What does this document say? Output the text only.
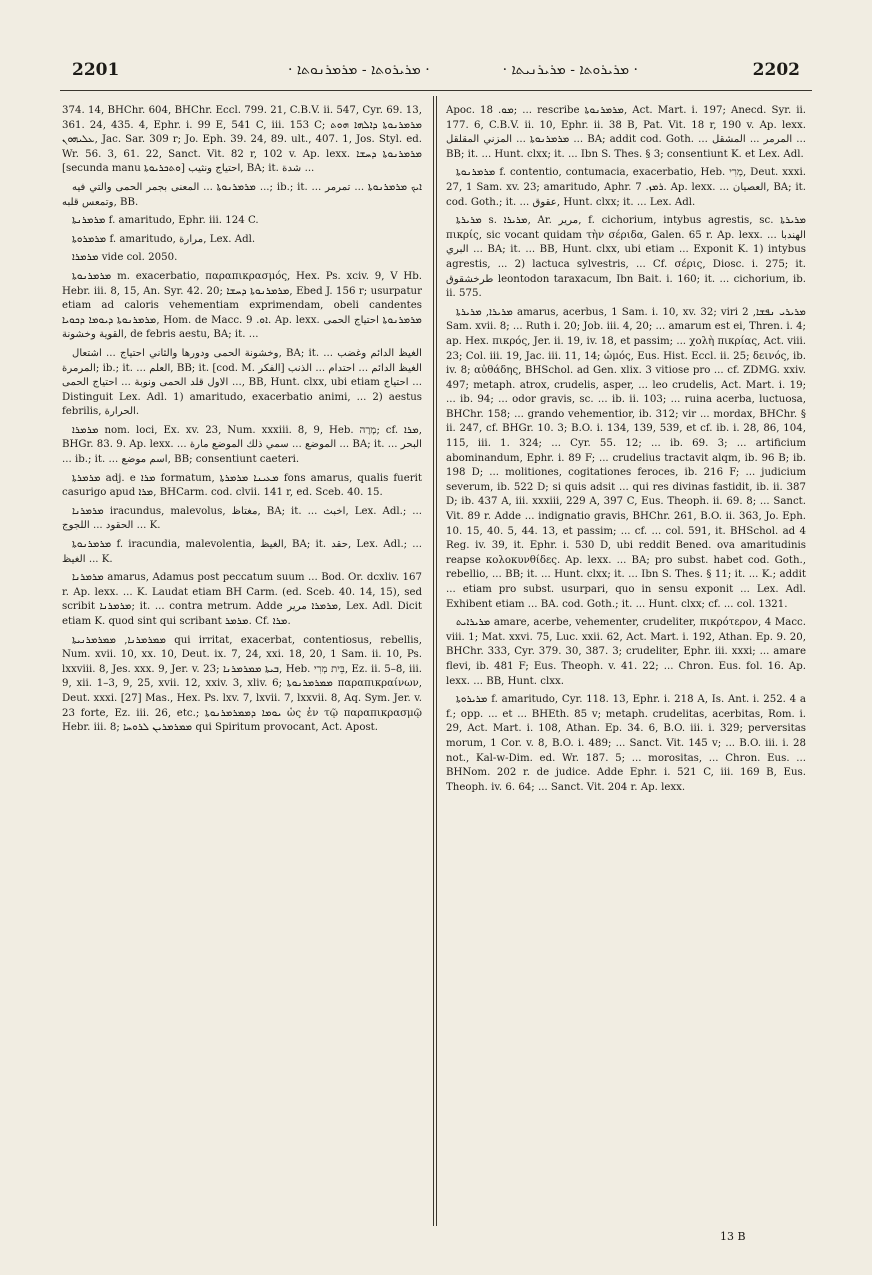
2201	· ܡܪܝܪܘܬܐ - ܡܪܡܪܢܘܬܐ ·	· ܡܪܝܪܘܬܐ - ܡܪܝܪܢܝܬܐ ·	2202

374. 14, BHChr. 604, BHChr. Eccl. 799. 21, C.B.V. ii. 547, Cyr. 69. 13, 361. 24, 435. 4, Ephr. i. 99 E, 541 C, iii. 153 C; ܡܪܡܪܢܘܬܐ ܕܐܠܗܐ ܗܘܬ ܥܠܝܗܘܢ, Jac. Sar. 309 r; Jo. Eph. 39. 24, 89. ult., 407. 1, Jos. Styl. ed. Wr. 56. 3, 61. 22, Sanct. Vit. 82 r, 102 v. Ap. lexx. ܡܪܡܪܢܘܬܐ ܕܚܫܐ [secunda manu ܘܬܟܪܝܘܬܐ] احتياج ونثيب, BA; it. شدة ...

ܡܪܡܪܢܘܬܐ ... المعنى بجمر الحمى والتي فيه ...; ib.; it. ... ܐܝܟ ܡܪܡܪܢܘܬܐ ... تمرمر وتمعس قلبه, BB.

ܡܪܡܪܢܬܐ f. amaritudo, Ephr. iii. 124 C.

ܡܪܡܪܘܬܐ f. amaritudo, مرارة, Lex. Adl.

ܡܪܡܪܐ vide col. 2050.

ܡܪܡܪܢܘܬܐ m. exacerbatio, παραπικρασμός, Hex. Ps. xciv. 9, V Hb. Hebr. iii. 8, 15, An. Syr. 42. 20; ܡܪܡܪܢܘܬܐ ܕܚܫܐ, Ebed J. 156 r; usurpatur etiam ad caloris vehementiam exprimendam, obeli candentes ܡܪܡܪܢܘܬܐ ܕܝܘܡܐ ܕܟܘܝܐ, Hom. de Macc. ܐܘ. 9. Ap. lexx. ܡܪܡܪܢܘܬܐ احتياج الحمى القوية وخشونة, de febris aestu, BA; it. ...

وخشونة الحمى ودورها والثاني احتياج ... اشتعال, BA; it. الغيظ الدائم وغضب ... المرمرة; ib.; it. ... العلم, BB; it. [cod. M. الفكر] الغيظ الدائم ... احتدام ... الذنب ... الاول قلد الحمى ونوبة ... احتياج الحمى, BB, Hunt. clxx, ubi etiam احتياج ... Distinguit Lex. Adl. 1) amaritudo, exacerbatio animi, ... 2) aestus febrilis, الحرارة.

ܡܪܡܪܐ nom. loci, Ex. xv. 23, Num. xxxiii. 8, 9, Heb. מָרָה; cf. ܡܪܐ, BHGr. 83. 9. Ap. lexx. ... الموضع ... سمي ذلك الموضع مارة ... BA; it. ... البحر ... ib.; it. ... اسم موضع, BB; consentiunt caeteri.

ܡܪܡܪܬܐ adj. e ܡܪܐ formatum, ܡܥܝܢܐ ܡܪܡܪܬܐ fons amarus, qualis fuerit casurigo apud ܡܪܐ, BHCarm. cod. clvii. 141 r, ed. Sceb. 40. 15.

ܡܪܡܪܢܐ iracundus, malevolus, مغتاظ, BA; it. ... اخبث, Lex. Adl.; ... الحقود ... اللجوج ... K.

ܡܪܡܪܢܘܬܐ f. iracundia, malevolentia, الغيظ, BA; it. حقد, Lex. Adl.; ... الغيظ ... K.

ܡܪܡܪܢܐ amarus, Adamus post peccatum suum ... Bod. Or. dcxliv. 167 r. Ap. lexx. ... K. Laudat etiam BH Carm. (ed. Sceb. 40. 14, 15), sed scribit ܡܪܡܪܢܐ; it. ... contra metrum. Adde ܡܪܡܪܐ مرير, Lex. Adl. Dicit etiam K. quod sint qui scribant ܡܪܡܪ. Cf. ܡܪܐ.

ܡܡܪܡܪܢܐ, ܡܡܪܡܪܢܝܬܐ qui irritat, exacerbat, contentiosus, rebellis, Num. xvii. 10, xx. 10, Deut. ix. 7, 24, xxi. 18, 20, 1 Sam. ii. 10, Ps. lxxviii. 8, Jes. xxx. 9, Jer. v. 23; ܒܝܬܐ ܡܡܪܡܪܢܐ, Heb. בֵּית מְרִי, Ez. ii. 5–8, iii. 9, xii. 1–3, 9, 25, xvii. 12, xxiv. 3, xliv. 6; ܡܡܪܡܪܢܘܬܐ παραπικραίνων, Deut. xxxi. [27] Mas., Hex. Ps. lxv. 7, lxvii. 7, lxxvii. 8, Aq. Sym. Jer. v. 23 forte, Ez. iii. 26, etc.; ܝܘܡܐ ܕܡܡܪܡܪܢܘܬܐ ὡς ἐν τῷ παραπικρασμῷ Hebr. iii. 8; ܡܡܪܡܪܝܢ ܠܪܘܚܐ qui Spiritum provocant, Act. Apost.

Apoc. ܡܘ. 18; ... rescribe ܡܪܡܪܢܘܬܐ, Act. Mart. i. 197; Anecd. Syr. ii. 177. 6, C.B.V. ii. 10, Ephr. ii. 38 B, Pat. Vit. 18 r, 190 v. Ap. lexx. ܡܪܡܪܢܘܬܐ ... المزني المقلقل ... BA; addit cod. Goth. ... المرمر ... المشقل ... BB; it. ... Hunt. clxx; it. ... Ibn S. Thes. § 3; consentiunt K. et Lex. Adl.

ܡܪܡܪܢܘܬܐ f. contentio, contumacia, exacerbatio, Heb. מְרִי, Deut. xxxi. 27, 1 Sam. xv. 23; amaritudo, Aphr. ܪܡܙ. 7. Ap. lexx. ... العصيان, BA; it. cod. Goth.; it. ... عقوق, Hunt. clxx; it. ... Lex. Adl.

ܡܪܝܪܬܐ s. ܡܪܝܪܐ, Ar. مرير, f. cichorium, intybus agrestis, sc. ܡܪܝܪܬܐ πικρίς, sic vocant quidam τὴν σέριδα, Galen. 65 r. Ap. lexx. ... الهندبا البري ... BA; it. ... BB, Hunt. clxx, ubi etiam ... Exponit K. 1) intybus agrestis, ... 2) lactuca sylvestris, ... Cf. σέρις, Diosc. i. 275; it. طرخشقوق leontodon taraxacum, Ibn Bait. i. 160; it. ... cichorium, ib. ii. 575.

ܡܪܝܪܐ, ܡܪܝܪܬܐ amarus, acerbus, 1 Sam. i. 10, xv. 32; viri ܡܪܝܪܝ ܢܦܫܐ, 2 Sam. xvii. 8; ... Ruth i. 20; Job. iii. 4, 20; ... amarum est ei, Thren. i. 4; ap. Hex. πικρός, Jer. ii. 19, iv. 18, et passim; ... χολὴ πικρίας, Act. viii. 23; Col. iii. 19, Jac. iii. 11, 14; ὠμός, Eus. Hist. Eccl. ii. 25; δεινός, ib. iv. 8; αὐθάδης, BHSchol. ad Gen. xlix. 3 vitiose pro ... cf. ZDMG. xxiv. 497; metaph. atrox, crudelis, asper, ... leo crudelis, Act. Mart. i. 19; ... ib. 94; ... odor gravis, sc. ... ib. ii. 103; ... ruina acerba, luctuosa, BHChr. 158; ... grando vehementior, ib. 312; vir ... mordax, BHChr. § ii. 247, cf. BHGr. 10. 3; B.O. i. 134, 139, 539, et cf. ib. i. 28, 86, 104, 115, iii. 1. 324; ... Cyr. 55. 12; ... ib. 69. 3; ... artificium abominandum, Ephr. i. 89 F; ... crudelius tractavit alqm, ib. 96 B; ib. 198 D; ... molitiones, cogitationes feroces, ib. 216 F; ... judicium severum, ib. 522 D; si quis adsit ... qui res divinas fastidit, ib. ii. 387 D; ib. 437 A, iii. xxxiii, 229 A, 397 C, Eus. Theoph. ii. 69. 8; ... Sanct. Vit. 89 r. Adde ... indignatio gravis, BHChr. 261, B.O. ii. 363, Jo. Eph. 10. 15, 40. 5, 44. 13, et passim; ... cf. ... col. 591, it. BHSchol. ad 4 Reg. iv. 39, it. Ephr. i. 530 D, ubi reddit Bened. ova amaritudinis reapse κολοκυνθίδες. Ap. lexx. ... BA; pro subst. habet cod. Goth., rebellio, ... BB; it. ... Hunt. clxx; it. ... Ibn S. Thes. § 11; it. ... K.; addit ... etiam pro subst. usurpari, quo in sensu exponit ... Lex. Adl. Exhibent etiam ... BA. cod. Goth.; it. ... Hunt. clxx; cf. ... col. 1321.

ܡܪܝܪܐܝܬ amare, acerbe, vehementer, crudeliter, πικρότερον, 4 Macc. viii. 1; Mat. xxvi. 75, Luc. xxii. 62, Act. Mart. i. 192, Athan. Ep. 9. 20, BHChr. 333, Cyr. 379. 30, 387. 3; crudeliter, Ephr. iii. xxxi; ... amare flevi, ib. 481 F; Eus. Theoph. v. 41. 22; ... Chron. Eus. fol. 16. Ap. lexx. ... BB, Hunt. clxx.

ܡܪܝܪܘܬܐ f. amaritudo, Cyr. 118. 13, Ephr. i. 218 A, Is. Ant. i. 252. 4 a f.; opp. ... et ... BHEth. 85 v; metaph. crudelitas, acerbitas, Rom. i. 29, Act. Mart. i. 108, Athan. Ep. 34. 6, B.O. iii. i. 329; perversitas morum, 1 Cor. v. 8, B.O. i. 489; ... Sanct. Vit. 145 v; ... B.O. iii. i. 28 not., Kal-w-Dim. ed. Wr. 187. 5; ... morositas, ... Chron. Eus. ... BHNom. 202 r. de judice. Adde Ephr. i. 521 C, iii. 169 B, Eus. Theoph. iv. 6. 64; ... Sanct. Vit. 204 r. Ap. lexx.

13 B
